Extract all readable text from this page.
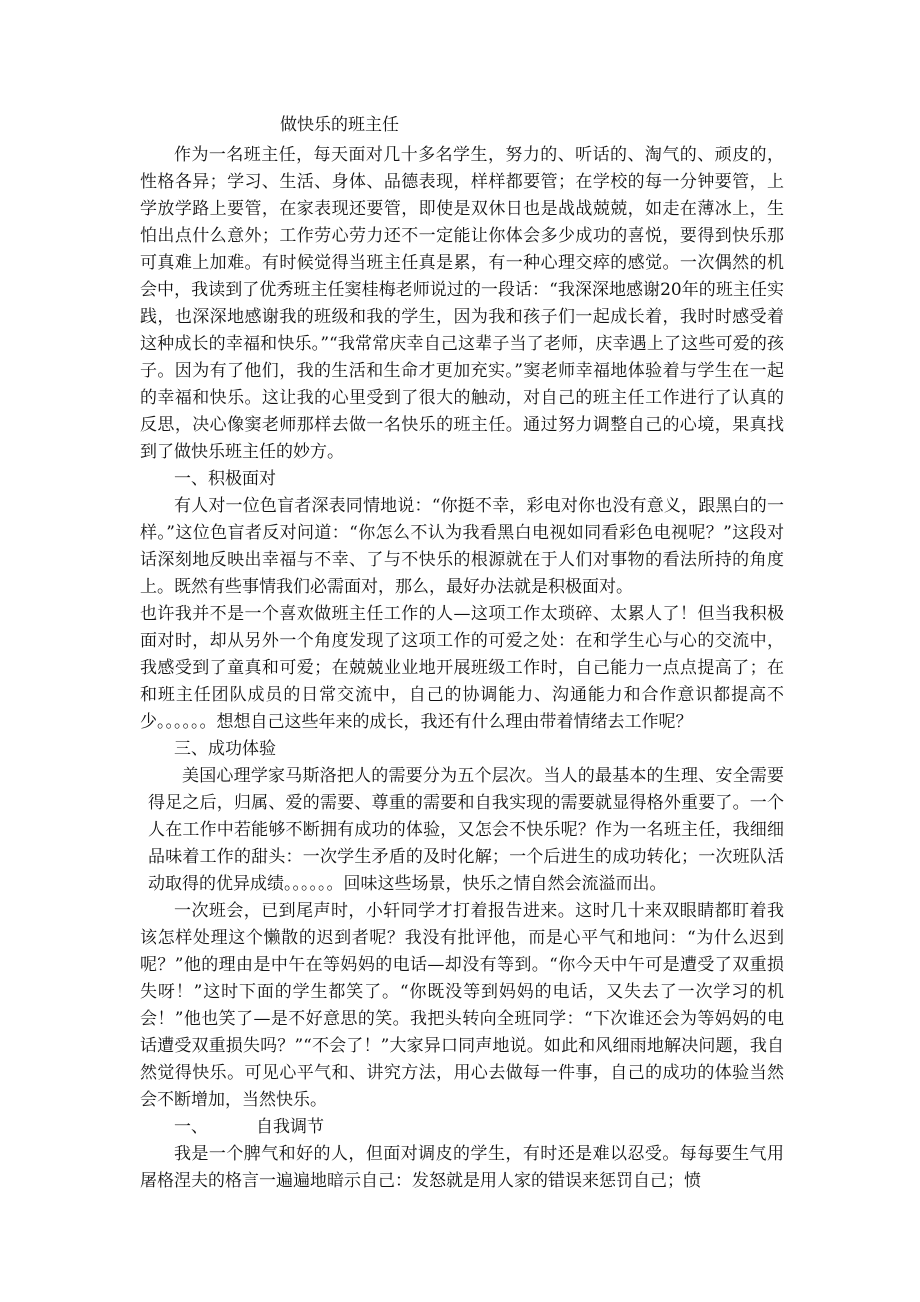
做快乐的班主任

作为一名班主任，每天面对几十多名学生，努力的、听话的、淘气的、顽皮的，性格各异；学习、生活、身体、品德表现，样样都要管；在学校的每一分钟要管，上学放学路上要管，在家表现还要管，即使是双休日也是战战兢兢，如走在薄冰上，生怕出点什么意外；工作劳心劳力还不一定能让你体会多少成功的喜悦，要得到快乐那可真难上加难。有时候觉得当班主任真是累，有一种心理交瘁的感觉。一次偶然的机会中，我读到了优秀班主任窦桂梅老师说过的一段话：“我深深地感谢20年的班主任实践，也深深地感谢我的班级和我的学生，因为我和孩子们一起成长着，我时时感受着这种成长的幸福和快乐。”“我常常庆幸自己这辈子当了老师，庆幸遇上了这些可爱的孩子。因为有了他们，我的生活和生命才更加充实。”窦老师幸福地体验着与学生在一起的幸福和快乐。这让我的心里受到了很大的触动，对自己的班主任工作进行了认真的反思，决心像窦老师那样去做一名快乐的班主任。通过努力调整自己的心境，果真找到了做快乐班主任的妙方。

一、积极面对

有人对一位色盲者深表同情地说：“你挺不幸，彩电对你也没有意义，跟黑白的一样。”这位色盲者反对问道：“你怎么不认为我看黑白电视如同看彩色电视呢？”这段对话深刻地反映出幸福与不幸、了与不快乐的根源就在于人们对事物的看法所持的角度上。既然有些事情我们必需面对，那么，最好办法就是积极面对。

也许我并不是一个喜欢做班主任工作的人—这项工作太琐碎、太累人了！但当我积极面对时，却从另外一个角度发现了这项工作的可爱之处：在和学生心与心的交流中，我感受到了童真和可爱；在兢兢业业地开展班级工作时，自己能力一点点提高了；在和班主任团队成员的日常交流中，自己的协调能力、沟通能力和合作意识都提高不少。。。。。。想想自己这些年来的成长，我还有什么理由带着情绪去工作呢？

三、成功体验

美国心理学家马斯洛把人的需要分为五个层次。当人的最基本的生理、安全需要得足之后，归属、爱的需要、尊重的需要和自我实现的需要就显得格外重要了。一个人在工作中若能够不断拥有成功的体验，又怎会不快乐呢？作为一名班主任，我细细品味着工作的甜头：一次学生矛盾的及时化解；一个后进生的成功转化；一次班队活动取得的优异成绩。。。。。。回味这些场景，快乐之情自然会流溢而出。

一次班会，已到尾声时，小轩同学才打着报告进来。这时几十来双眼睛都盯着我该怎样处理这个懒散的迟到者呢？我没有批评他，而是心平气和地问：“为什么迟到呢？”他的理由是中午在等妈妈的电话—却没有等到。“你今天中午可是遭受了双重损失呀！”这时下面的学生都笑了。“你既没等到妈妈的电话，又失去了一次学习的机会！”他也笑了—是不好意思的笑。我把头转向全班同学：“下次谁还会为等妈妈的电话遭受双重损失吗？”“不会了！”大家异口同声地说。如此和风细雨地解决问题，我自然觉得快乐。可见心平气和、讲究方法，用心去做每一件事，自己的成功的体验当然会不断增加，当然快乐。

一、	自我调节

我是一个脾气和好的人，但面对调皮的学生，有时还是难以忍受。每每要生气用屠格涅夫的格言一遍遍地暗示自己：发怒就是用人家的错误来惩罚自己；愤
